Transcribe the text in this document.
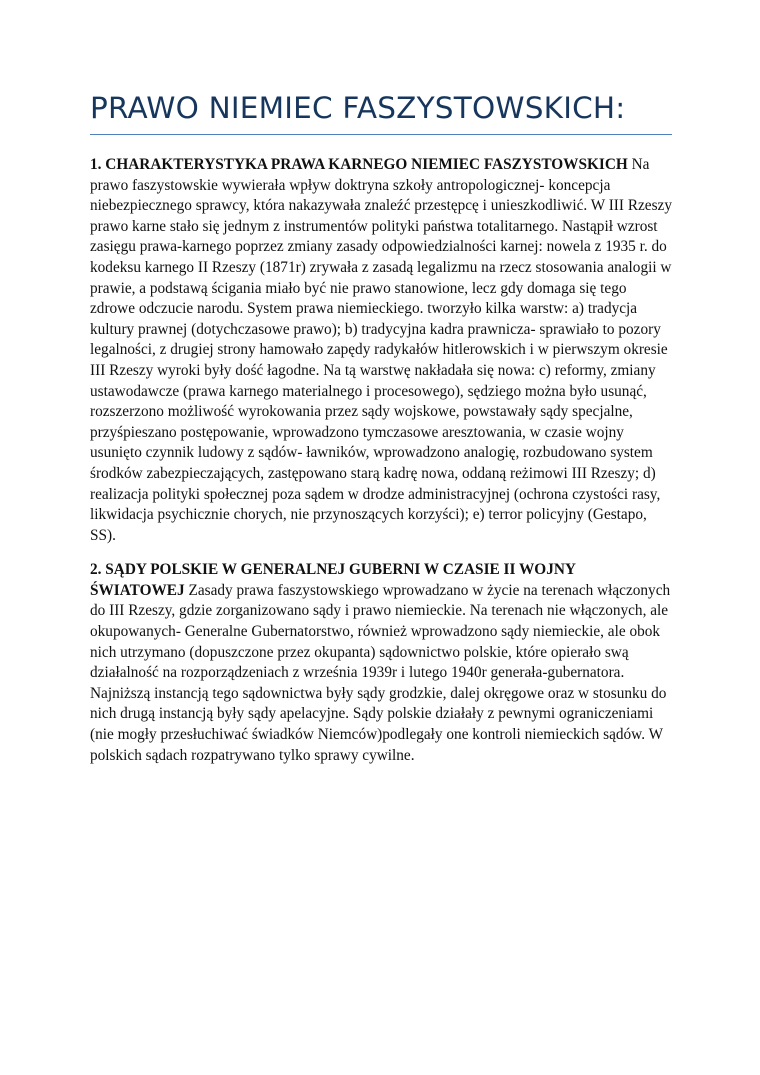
PRAWO NIEMIEC FASZYSTOWSKICH:

1. CHARAKTERYSTYKA PRAWA KARNEGO NIEMIEC FASZYSTOWSKICH Na prawo faszystowskie wywierała wpływ doktryna szkoły antropologicznej- koncepcja niebezpiecznego sprawcy, która nakazywała znaleźć przestępcę i unieszkodliwić. W III Rzeszy prawo karne stało się jednym z instrumentów polityki państwa totalitarnego. Nastąpił wzrost zasięgu prawa-karnego poprzez zmiany zasady odpowiedzialności karnej: nowela z 1935 r. do kodeksu karnego II Rzeszy (1871r) zrywała z zasadą legalizmu na rzecz stosowania analogii w prawie, a podstawą ścigania miało być nie prawo stanowione, lecz gdy domaga się tego zdrowe odczucie narodu. System prawa niemieckiego. tworzyło kilka warstw: a) tradycja kultury prawnej (dotychczasowe prawo); b) tradycyjna kadra prawnicza- sprawiało to pozory legalności, z drugiej strony hamowało zapędy radykałów hitlerowskich i w pierwszym okresie III Rzeszy wyroki były dość łagodne. Na tą warstwę nakładała się nowa: c) reformy, zmiany ustawodawcze (prawa karnego materialnego i procesowego), sędziego można było usunąć, rozszerzono możliwość wyrokowania przez sądy wojskowe, powstawały sądy specjalne, przyśpieszano postępowanie, wprowadzono tymczasowe aresztowania, w czasie wojny usunięto czynnik ludowy z sądów- ławników, wprowadzono analogię, rozbudowano system środków zabezpieczających, zastępowano starą kadrę nowa, oddaną reżimowi III Rzeszy; d) realizacja polityki społecznej poza sądem w drodze administracyjnej (ochrona czystości rasy, likwidacja psychicznie chorych, nie przynoszących korzyści); e) terror policyjny (Gestapo, SS).

2. SĄDY POLSKIE W GENERALNEJ GUBERNI W CZASIE II WOJNY ŚWIATOWEJ Zasady prawa faszystowskiego wprowadzano w życie na terenach włączonych do III Rzeszy, gdzie zorganizowano sądy i prawo niemieckie. Na terenach nie włączonych, ale okupowanych- Generalne Gubernatorstwo, również wprowadzono sądy niemieckie, ale obok nich utrzymano (dopuszczone przez okupanta) sądownictwo polskie, które opierało swą działalność na rozporządzeniach z września 1939r i lutego 1940r generała-gubernatora. Najniższą instancją tego sądownictwa były sądy grodzkie, dalej okręgowe oraz w stosunku do nich drugą instancją były sądy apelacyjne. Sądy polskie działały z pewnymi ograniczeniami (nie mogły przesłuchiwać świadków Niemców)podlegały one kontroli niemieckich sądów. W polskich sądach rozpatrywano tylko sprawy cywilne.
